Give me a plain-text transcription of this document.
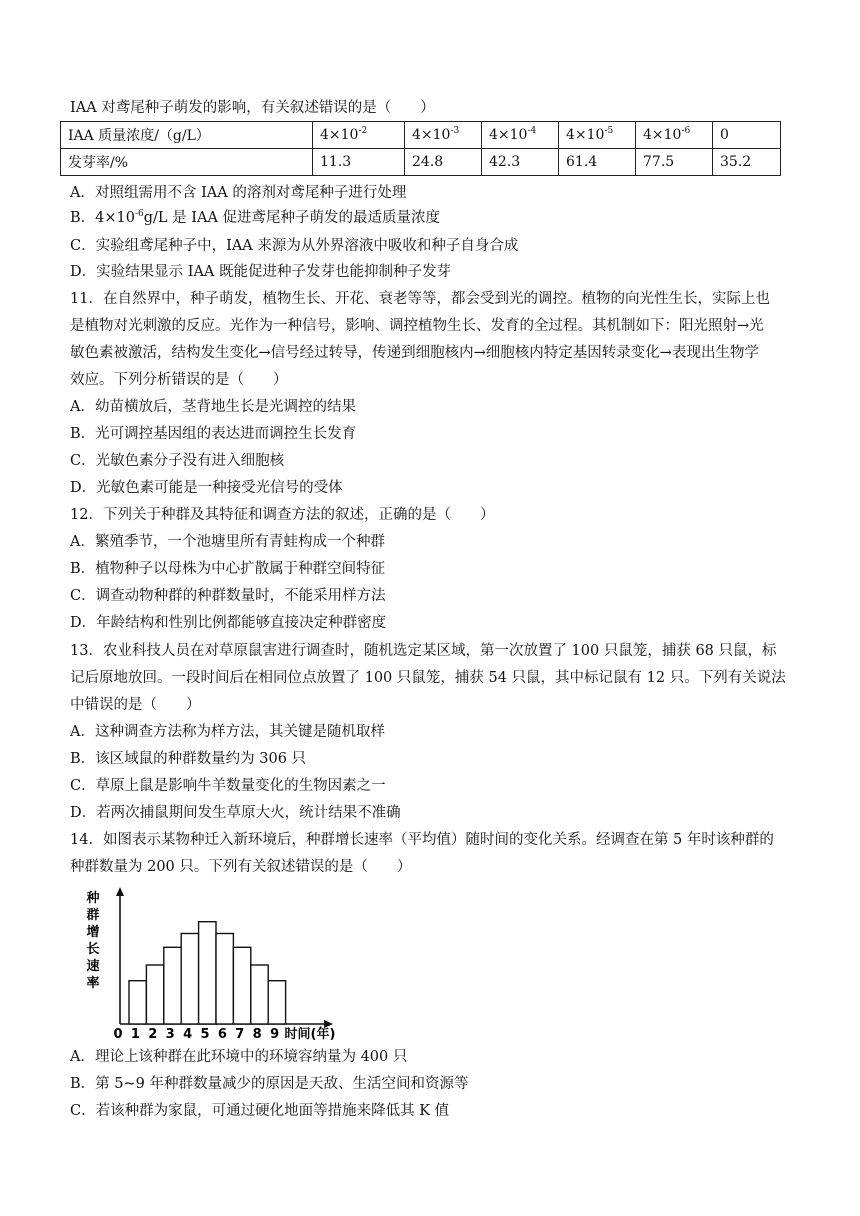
IAA 对鸢尾种子萌发的影响，有关叙述错误的是（　　）
IAA 质量浓度/（g/L）	$4\times 10^{-2}$	$4\times 10^{-3}$	$4\times 10^{-4}$	$4\times 10^{-5}$	$4\times 10^{-6}$	0
发芽率/%	11.3	24.8	42.3	61.4	77.5	35.2
A．对照组需用不含 IAA 的溶剂对鸢尾种子进行处理
B．$4\times 10^{-6}g/L$ 是 IAA 促进鸢尾种子萌发的最适质量浓度
C．实验组鸢尾种子中，IAA 来源为从外界溶液中吸收和种子自身合成
D．实验结果显示 IAA 既能促进种子发芽也能抑制种子发芽
11．在自然界中，种子萌发，植物生长、开花、衰老等等，都会受到光的调控。植物的向光性生长，实际上也
是植物对光刺激的反应。光作为一种信号，影响、调控植物生长、发育的全过程。其机制如下：阳光照射→光
敏色素被激活，结构发生变化→信号经过转导，传递到细胞核内→细胞核内特定基因转录变化→表现出生物学
效应。下列分析错误的是（　　）
A．幼苗横放后，茎背地生长是光调控的结果
B．光可调控基因组的表达进而调控生长发育
C．光敏色素分子没有进入细胞核
D．光敏色素可能是一种接受光信号的受体
12．下列关于种群及其特征和调查方法的叙述，正确的是（　　）
A．繁殖季节，一个池塘里所有青蛙构成一个种群
B．植物种子以母株为中心扩散属于种群空间特征
C．调查动物种群的种群数量时，不能采用样方法
D．年龄结构和性别比例都能够直接决定种群密度
13．农业科技人员在对草原鼠害进行调查时，随机选定某区域，第一次放置了 100 只鼠笼，捕获 68 只鼠，标
记后原地放回。一段时间后在相同位点放置了 100 只鼠笼，捕获 54 只鼠，其中标记鼠有 12 只。下列有关说法
中错误的是（　　）
A．这种调查方法称为样方法，其关键是随机取样
B．该区域鼠的种群数量约为 306 只
C．草原上鼠是影响牛羊数量变化的生物因素之一
D．若两次捕鼠期间发生草原大火，统计结果不准确
14．如图表示某物种迁入新环境后，种群增长速率（平均值）随时间的变化关系。经调查在第 5 年时该种群的
种群数量为 200 只。下列有关叙述错误的是（　　）
种
群
增
长
速
率
0 1 2 3 4 5 6 7 8 9 时间(年)
A．理论上该种群在此环境中的环境容纳量为 400 只
B．第 5~9 年种群数量减少的原因是天敌、生活空间和资源等
C．若该种群为家鼠，可通过硬化地面等措施来降低其 K 值
